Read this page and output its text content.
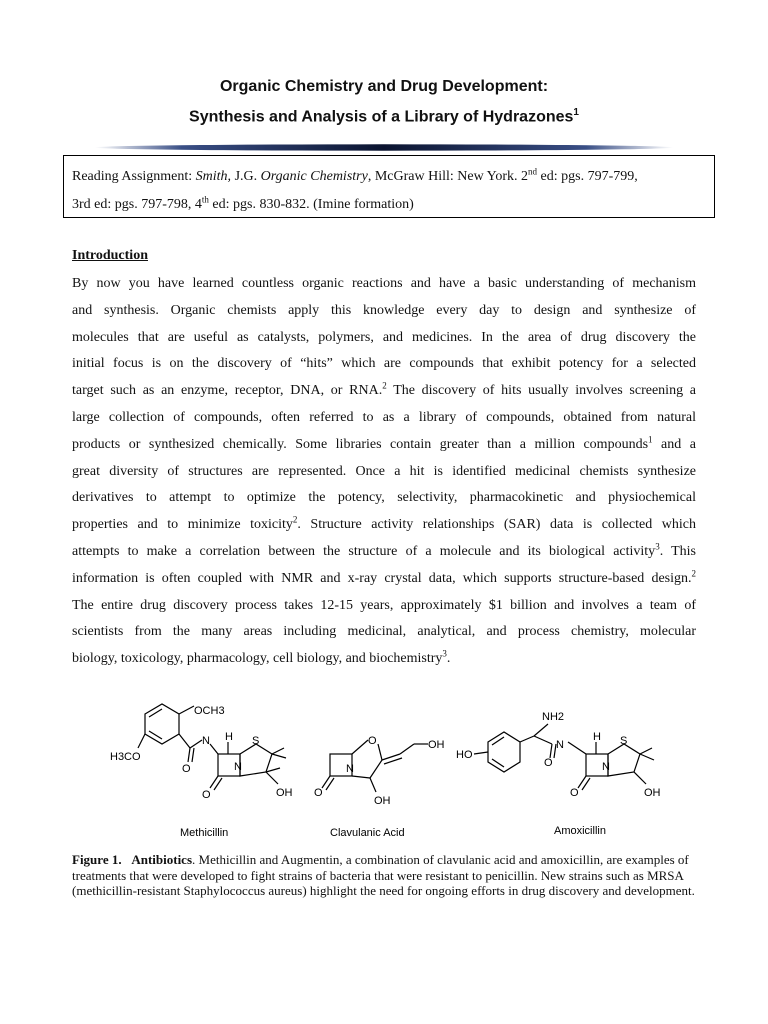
Organic Chemistry and Drug Development:
Synthesis and Analysis of a Library of Hydrazones$^1$
Reading Assignment: Smith, J.G. Organic Chemistry, McGraw Hill: New York. 2nd ed: pgs. 797-799,
3rd ed: pgs. 797-798, 4th ed: pgs. 830-832. (Imine formation)
Introduction
By now you have learned countless organic reactions and have a basic understanding of mechanism
and synthesis. Organic chemists apply this knowledge every day to design and synthesize of
molecules that are useful as catalysts, polymers, and medicines. In the area of drug discovery the
initial focus is on the discovery of “hits” which are compounds that exhibit potency for a selected
target such as an enzyme, receptor, DNA, or RNA.$^2$ The discovery of hits usually involves screening a
large collection of compounds, often referred to as a library of compounds, obtained from natural
products or synthesized chemically. Some libraries contain greater than a million compounds$^1$ and a
great diversity of structures are represented. Once a hit is identified medicinal chemists synthesize
derivatives to attempt to optimize the potency, selectivity, pharmacokinetic and physiochemical
properties and to minimize toxicity$^2$. Structure activity relationships (SAR) data is collected which
attempts to make a correlation between the structure of a molecule and its biological activity$^3$. This
information is often coupled with NMR and x-ray crystal data, which supports structure-based design.$^2$
The entire drug discovery process takes 12-15 years, approximately $1 billion and involves a team of
scientists from the many areas including medicinal, analytical, and process chemistry, molecular
biology, toxicology, pharmacology, cell biology, and biochemistry$^3$.
OCH3
H3CO
N H S
N
O
O	OH
O
N
O
OH
OH
HO
NH2
N
O
H S
N
O	OH
Methicillin	Clavulanic Acid	Amoxicillin
Figure 1. Antibiotics. Methicillin and Augmentin, a combination of clavulanic acid and amoxicillin, are examples of treatments that were developed to fight strains of bacteria that were resistant to penicillin. New strains such as MRSA (methicillin-resistant Staphylococcus aureus) highlight the need for ongoing efforts in drug discovery and development.
